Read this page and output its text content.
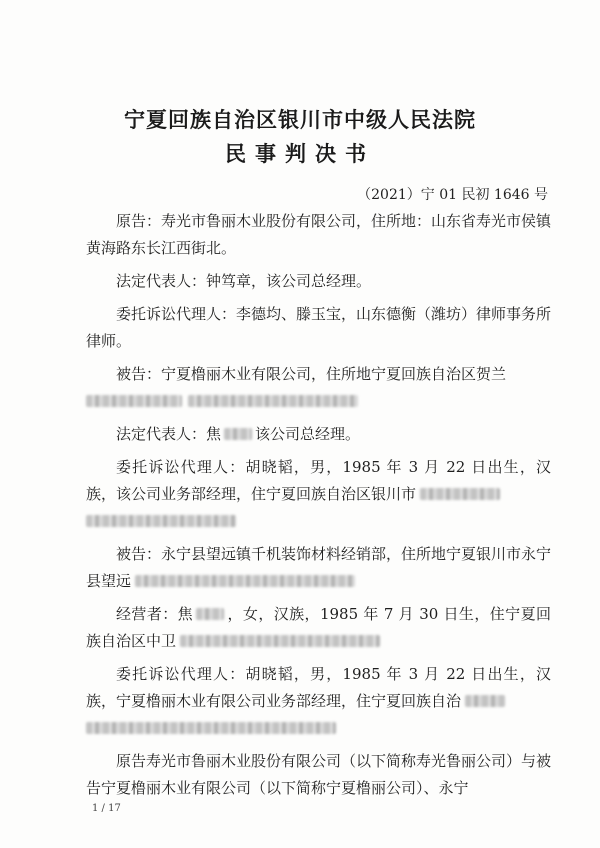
宁夏回族自治区银川市中级人民法院
民事判决书
（2021）宁 01 民初 1646 号

原告：寿光市鲁丽木业股份有限公司，住所地：山东省寿光市侯镇黄海路东长江西街北。

法定代表人：钟笃章，该公司总经理。

委托诉讼代理人：李德均、滕玉宝，山东德衡（潍坊）律师事务所律师。

被告：宁夏橹丽木业有限公司，住所地宁夏回族自治区贺兰

法定代表人：焦 该公司总经理。

委托诉讼代理人：胡晓韬，男，1985 年 3 月 22 日出生，汉族，该公司业务部经理，住宁夏回族自治区银川市

被告：永宁县望远镇千机装饰材料经销部，住所地宁夏银川市永宁县望远

经营者：焦 ，女，汉族，1985 年 7 月 30 日生，住宁夏回族自治区中卫

委托诉讼代理人：胡晓韬，男，1985 年 3 月 22 日出生，汉族，宁夏橹丽木业有限公司业务部经理，住宁夏回族自治

原告寿光市鲁丽木业股份有限公司（以下简称寿光鲁丽公司）与被告宁夏橹丽木业有限公司（以下简称宁夏橹丽公司）、永宁

1 / 17
